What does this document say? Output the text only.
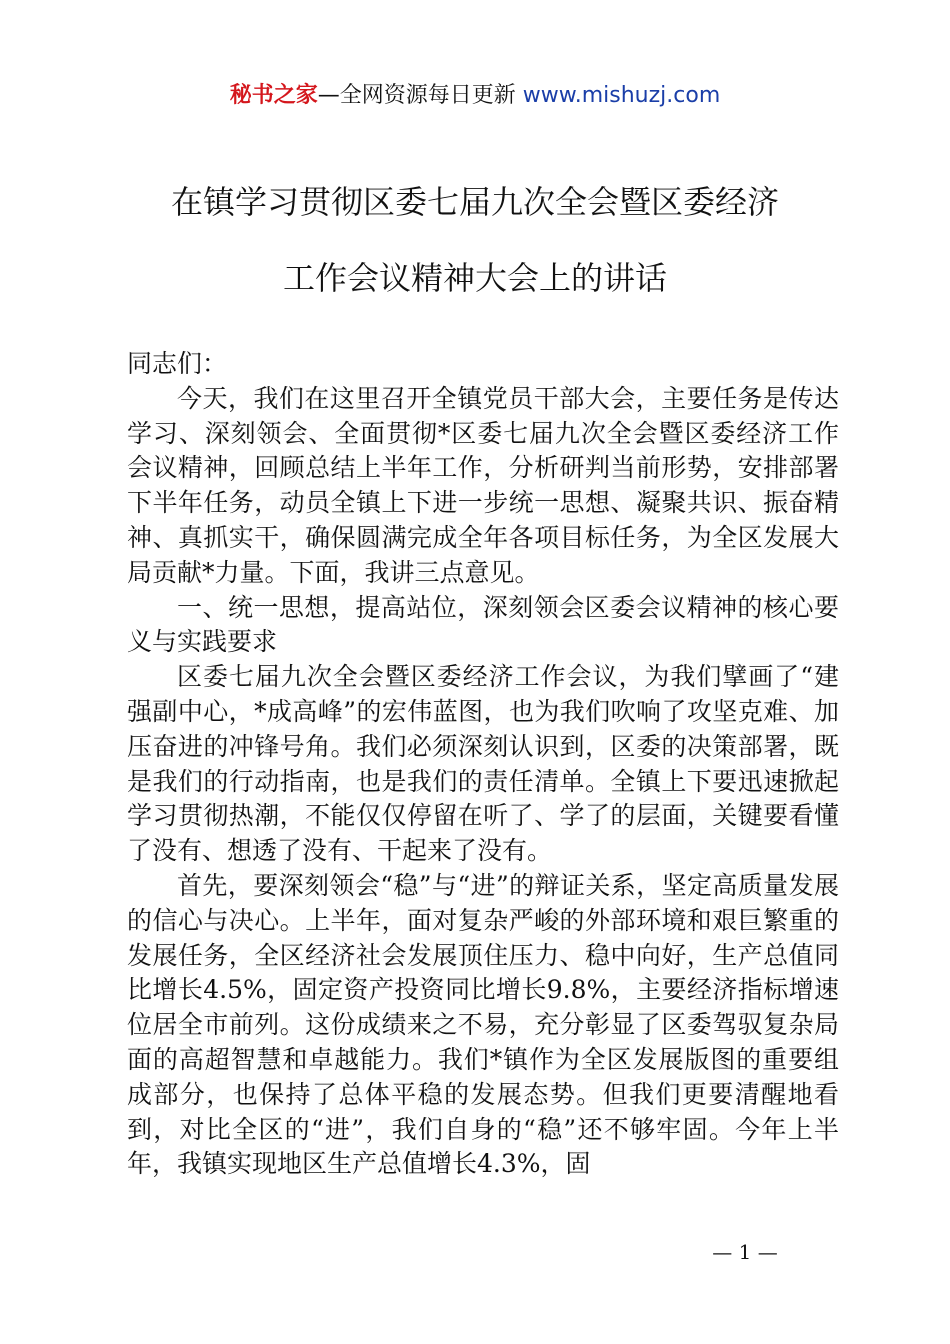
秘书之家—全网资源每日更新 www.mishuzj.com
在镇学习贯彻区委七届九次全会暨区委经济
工作会议精神大会上的讲话

同志们：

今天，我们在这里召开全镇党员干部大会，主要任务是传达学习、深刻领会、全面贯彻*区委七届九次全会暨区委经济工作会议精神，回顾总结上半年工作，分析研判当前形势，安排部署下半年任务，动员全镇上下进一步统一思想、凝聚共识、振奋精神、真抓实干，确保圆满完成全年各项目标任务，为全区发展大局贡献*力量。下面，我讲三点意见。

一、统一思想，提高站位，深刻领会区委会议精神的核心要义与实践要求

区委七届九次全会暨区委经济工作会议，为我们擘画了“建强副中心，*成高峰”的宏伟蓝图，也为我们吹响了攻坚克难、加压奋进的冲锋号角。我们必须深刻认识到，区委的决策部署，既是我们的行动指南，也是我们的责任清单。全镇上下要迅速掀起学习贯彻热潮，不能仅仅停留在听了、学了的层面，关键要看懂了没有、想透了没有、干起来了没有。

首先，要深刻领会“稳”与“进”的辩证关系，坚定高质量发展的信心与决心。上半年，面对复杂严峻的外部环境和艰巨繁重的发展任务，全区经济社会发展顶住压力、稳中向好，生产总值同比增长4.5%，固定资产投资同比增长9.8%，主要经济指标增速位居全市前列。这份成绩来之不易，充分彰显了区委驾驭复杂局面的高超智慧和卓越能力。我们*镇作为全区发展版图的重要组成部分，也保持了总体平稳的发展态势。但我们更要清醒地看到，对比全区的“进”，我们自身的“稳”还不够牢固。今年上半年，我镇实现地区生产总值增长4.3%，固

— 1 —
